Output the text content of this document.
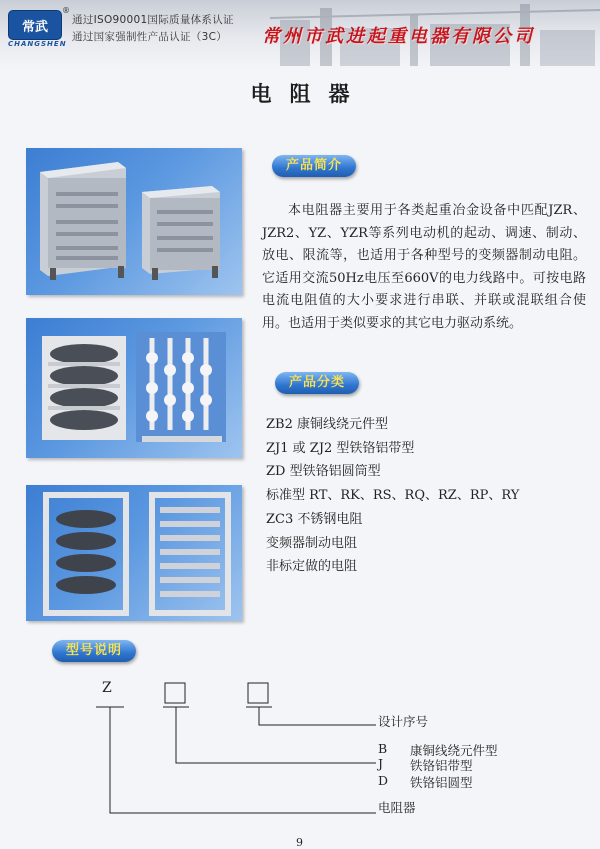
常武
CHANGSHEN
®
通过ISO90001国际质量体系认证
通过国家强制性产品认证（3C） 常州市武进起重电器有限公司
电阻器
产品简介
本电阻器主要用于各类起重冶金设备中匹配JZR、JZR2、YZ、YZR等系列电动机的起动、调速、制动、放电、限流等，也适用于各种型号的变频器制动电阻。它适用交流50Hz电压至660V的电力线路中。可按电路电流电阻值的大小要求进行串联、并联或混联组合使用。也适用于类似要求的其它电力驱动系统。
产品分类
ZB2 康铜线绕元件型
ZJ1 或 ZJ2 型铁铬铝带型
ZD 型铁铬铝圆筒型
标准型 RT、RK、RS、RQ、RZ、RP、RY
ZC3 不锈钢电阻
变频器制动电阻
非标定做的电阻
型号说明
Z
设计序号
B 康铜线绕元件型
J 铁铬铝带型
D 铁铬铝圆型
电阻器
9
